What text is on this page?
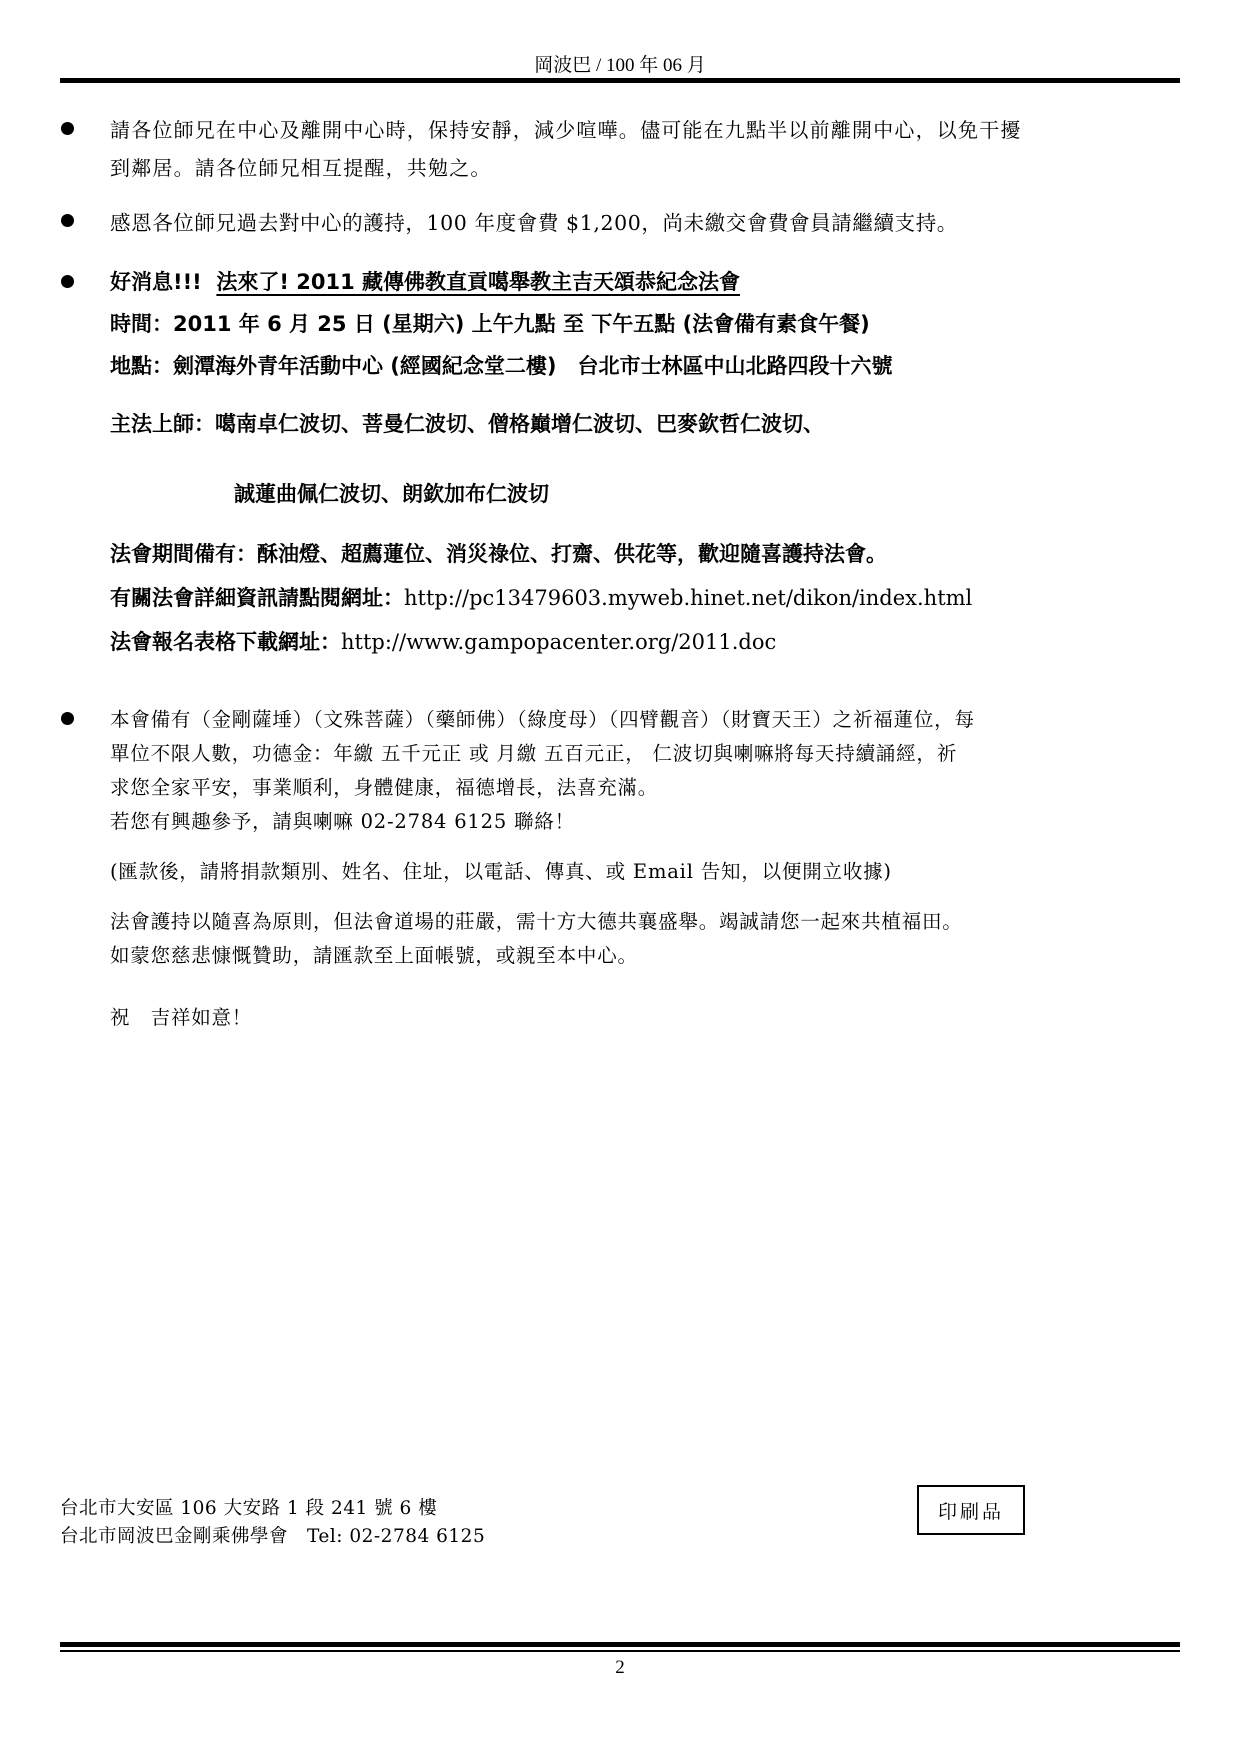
岡波巴 / 100 年 06 月
請各位師兄在中心及離開中心時，保持安靜，減少喧嘩。儘可能在九點半以前離開中心，以免干擾
到鄰居。請各位師兄相互提醒，共勉之。
感恩各位師兄過去對中心的護持，100 年度會費 $1,200，尚未繳交會費會員請繼續支持。
好消息!!! 法來了! 2011 藏傳佛教直貢噶舉教主吉天頌恭紀念法會
時間：2011 年 6 月 25 日 (星期六) 上午九點 至 下午五點 (法會備有素食午餐)
地點：劍潭海外青年活動中心 (經國紀念堂二樓)　台北市士林區中山北路四段十六號
主法上師：噶南卓仁波切、菩曼仁波切、僧格巔增仁波切、巴麥欽哲仁波切、
誠蓮曲佩仁波切、朗欽加布仁波切
法會期間備有：酥油燈、超薦蓮位、消災祿位、打齋、供花等，歡迎隨喜護持法會。
有關法會詳細資訊請點閱網址：http://pc13479603.myweb.hinet.net/dikon/index.html
法會報名表格下載網址：http://www.gampopacenter.org/2011.doc
本會備有（金剛薩埵）（文殊菩薩）（藥師佛）（綠度母）（四臂觀音）（財寶天王）之祈福蓮位，每
單位不限人數，功德金：年繳 五千元正 或 月繳 五百元正， 仁波切與喇嘛將每天持續誦經，祈
求您全家平安，事業順利，身體健康，福德增長，法喜充滿。
若您有興趣參予，請與喇嘛 02-2784 6125 聯絡！
(匯款後，請將捐款類別、姓名、住址，以電話、傳真、或 Email 告知，以便開立收據)
法會護持以隨喜為原則，但法會道場的莊嚴，需十方大德共襄盛舉。竭誠請您一起來共植福田。
如蒙您慈悲慷慨贊助，請匯款至上面帳號，或親至本中心。
祝　吉祥如意！
台北市大安區 106 大安路 1 段 241 號 6 樓
台北市岡波巴金剛乘佛學會　Tel: 02-2784 6125
印刷品
2
